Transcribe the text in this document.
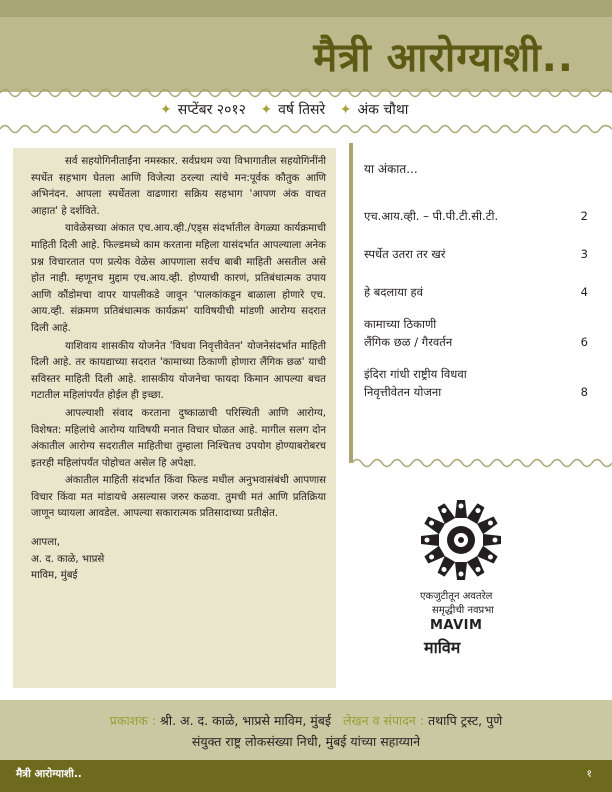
मैत्री आरोग्याशी..
✦ सप्टेंबर २०१२ ✦ वर्ष तिसरे ✦ अंक चौथा

सर्व सहयोगिनीताईंना नमस्कार. सर्वप्रथम ज्या विभागातील सहयोगिनींनी स्पर्धेत सहभाग घेतला आणि विजेत्या ठरल्या त्यांचे मन:पूर्वक कौतुक आणि अभिनंदन. आपला स्पर्धेतला वाढणारा सक्रिय सहभाग 'आपण अंक वाचत आहात' हे दर्शविते.

यावेळेसच्या अंकात एच.आय.व्ही./एड्स संदर्भातील वेगळ्या कार्यक्रमाची माहिती दिली आहे. फिल्डमध्ये काम करताना महिला यासंदर्भात आपल्याला अनेक प्रश्न विचारतात पण प्रत्येक वेळेस आपणाला सर्वच बाबी माहिती असतील असे होत नाही. म्हणूनच मुद्दाम एच.आय.व्ही. होण्याची कारणं, प्रतिबंधात्मक उपाय आणि कौंडोमचा वापर यापलीकडे जावून 'पालकांकडून बाळाला होणारे एच. आय.व्ही. संक्रमण प्रतिबंधात्मक कार्यक्रम' याविषयीची मांडणी आरोग्य सदरात दिली आहे.

याशिवाय शासकीय योजनेत 'विधवा निवृत्तीवेतन' योजनेसंदर्भात माहिती दिली आहे. तर कायद्याच्या सदरात 'कामाच्या ठिकाणी होणारा लैंगिक छळ' याची सविस्तर माहिती दिली आहे. शासकीय योजनेचा फायदा किमान आपल्या बचत गटातील महिलांपर्यंत होईल ही इच्छा.

आपल्याशी संवाद करताना दुष्काळाची परिस्थिती आणि आरोग्य, विशेषत: महिलांचे आरोग्य याविषयी मनात विचार घोळत आहे. मागील सलग दोन अंकातील आरोग्य सदरातील माहितीचा तुम्हाला निश्चितच उपयोग होण्याबरोबरच इतरही महिलांपर्यंत पोहोचत असेल हि अपेक्षा.

अंकातील माहिती संदर्भात किंवा फिल्ड मधील अनुभवासंबंधी आपणास विचार किंवा मत मांडायचे असल्यास जरुर कळवा. तुमची मतं आणि प्रतिक्रिया जाणून घ्यायला आवडेल. आपल्या सकारात्मक प्रतिसादाच्या प्रतीक्षेत.

आपला,
अ. द. काळे, भाप्रसे
माविम, मुंबई
या अंकात...
एच.आय.व्ही. – पी.पी.टी.सी.टी.	2
स्पर्धेत उतरा तर खरं	3
हे बदलाया हवं	4
कामाच्या ठिकाणी
लैंगिक छळ / गैरवर्तन	6
इंदिरा गांधी राष्ट्रीय विधवा
निवृत्तीवेतन योजना	8
एकजुटीतून अवतरेल
समृद्धीची नवप्रभा
MAVIM
माविम
प्रकाशक : श्री. अ. द. काळे, भाप्रसे माविम, मुंबई लेखन व संपादन : तथापि ट्रस्ट, पुणे
संयुक्त राष्ट्र लोकसंख्या निधी, मुंबई यांच्या सहाय्याने
मैत्री आरोग्याशी..	१
